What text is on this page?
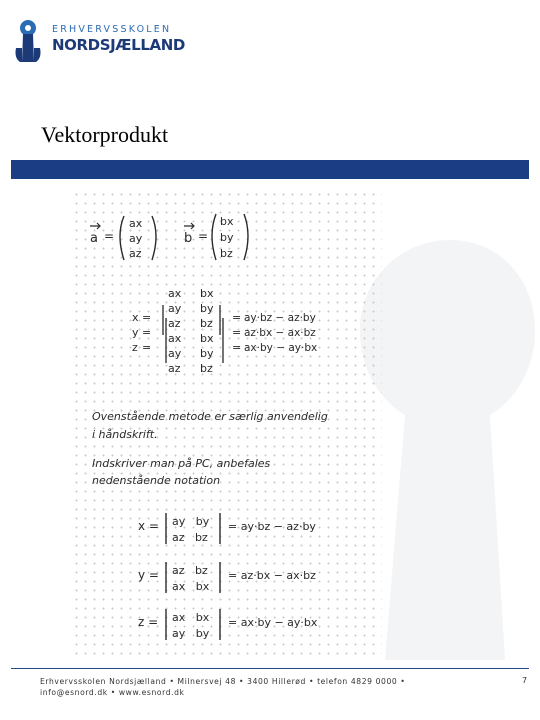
ERHVERVSSKOLEN
NORDSJÆLLAND
Vektorprodukt
a =
ax
ay
az
b =
bx
by
bz
ax
ay
az
ax
ay
az
bx
by
bz
bx
by
bz
x
y
z
=
=
=
=
=
=
ay·bz − az·by
az·bx − ax·bz
ax·by − ay·bx
Ovenstående metode er særlig anvendelig
i håndskrift.
Indskriver man på PC, anbefales
nedenstående notation
x = ay   by
az   bz
= ay·bz − az·by
y = az   bz
ax   bx
= az·bx − ax·bz
z = ax   bx
ay   by
= ax·by − ay·bx
Erhvervsskolen Nordsjælland • Milnersvej 48 • 3400 Hillerød • telefon 4829 0000 • info@esnord.dk • www.esnord.dk
7
